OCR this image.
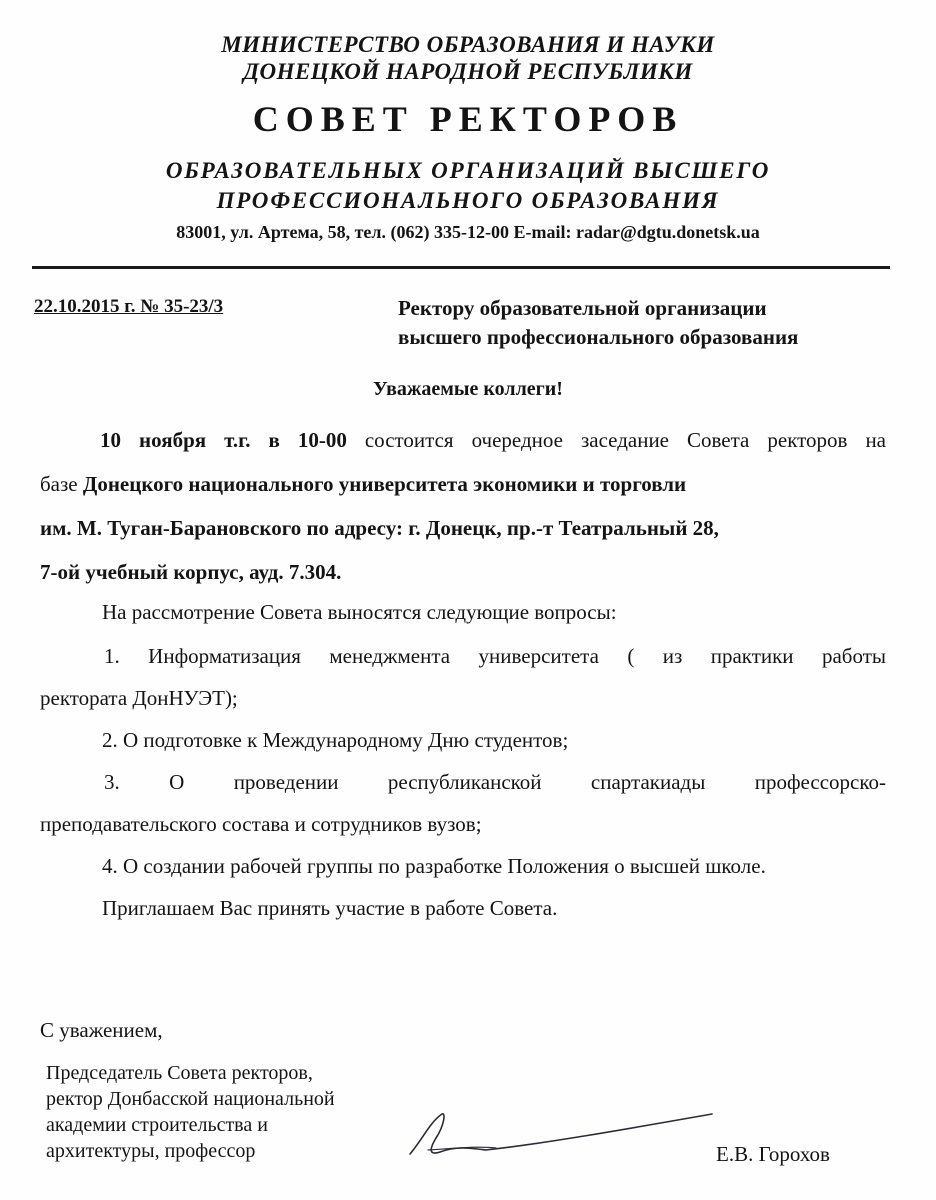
МИНИСТЕРСТВО ОБРАЗОВАНИЯ И НАУКИ
ДОНЕЦКОЙ НАРОДНОЙ РЕСПУБЛИКИ
СОВЕТ РЕКТОРОВ
ОБРАЗОВАТЕЛЬНЫХ ОРГАНИЗАЦИЙ ВЫСШЕГО
ПРОФЕССИОНАЛЬНОГО ОБРАЗОВАНИЯ
83001, ул. Артема, 58, тел. (062) 335-12-00 E-mail: radar@dgtu.donetsk.ua
22.10.2015 г. № 35-23/3	Ректору образовательной организации
высшего профессионального образования
Уважаемые коллеги!
10 ноября т.г. в 10-00 состоится очередное заседание Совета ректоров на
базе Донецкого национального университета экономики и торговли
им. М. Туган-Барановского по адресу: г. Донецк, пр.-т Театральный 28,
7-ой учебный корпус, ауд. 7.304.
На рассмотрение Совета выносятся следующие вопросы:
1. Информатизация менеджмента университета ( из практики работы
ректората ДонНУЭТ);
2. О подготовке к Международному Дню студентов;
3. О проведении республиканской спартакиады профессорско-
преподавательского состава и сотрудников вузов;
4. О создании рабочей группы по разработке Положения о высшей школе.
Приглашаем Вас принять участие в работе Совета.
С уважением,
Председатель Совета ректоров,
ректор Донбасской национальной
академии строительства и
архитектуры, профессор	Е.В. Горохов
